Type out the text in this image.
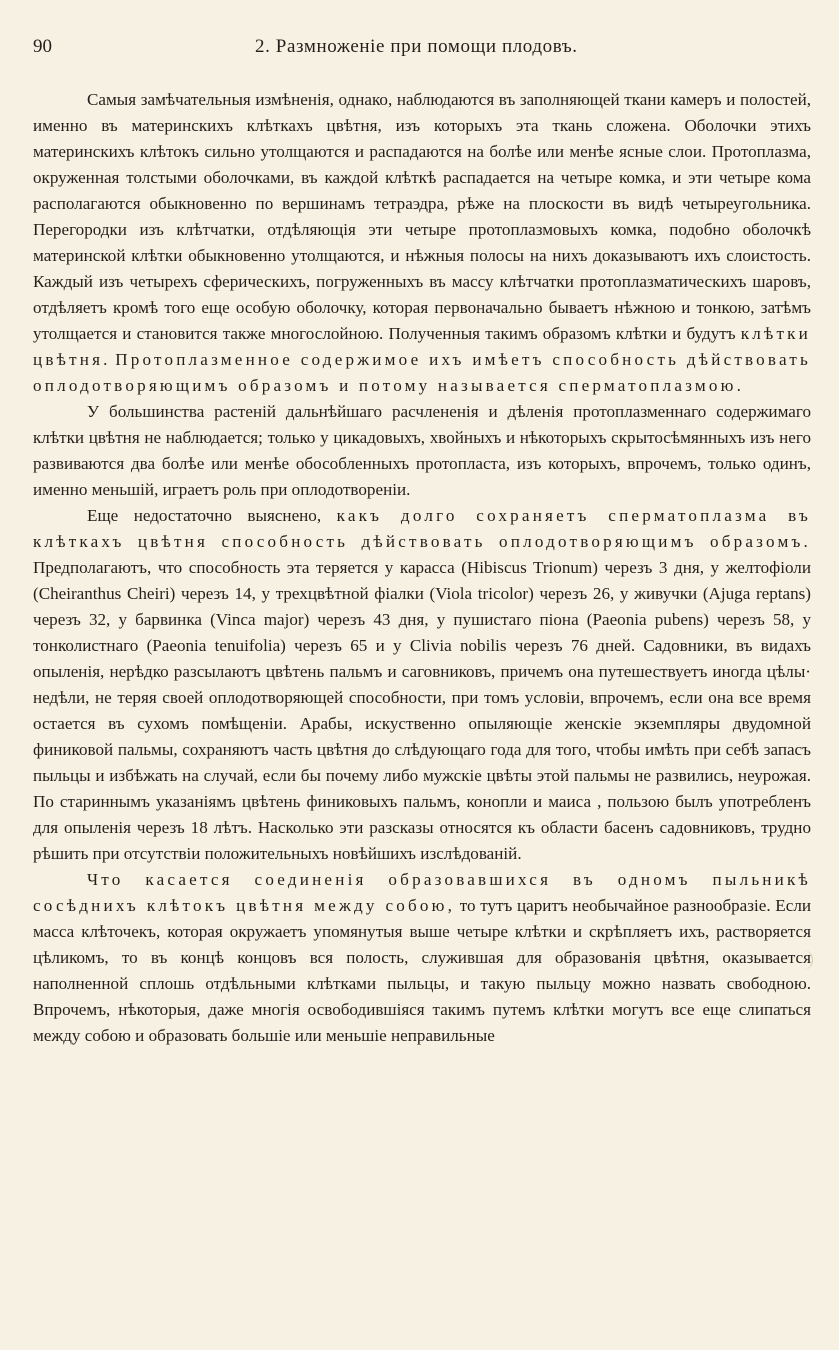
90	2. Размноженіе при помощи плодовъ.

Самыя замѣчательныя измѣненія, однако, наблюдаются въ заполняющей ткани камеръ и полостей, именно въ материнскихъ клѣткахъ цвѣтня, изъ которыхъ эта ткань сложена. Оболочки этихъ материнскихъ клѣтокъ сильно утолщаются и распадаются на болѣе или менѣе ясные слои. Протоплазма, окруженная толстыми оболочками, въ каждой клѣткѣ распадается на четыре комка, и эти четыре кома располагаются обыкновенно по вершинамъ тетраэдра, рѣже на плоскости въ видѣ четыреугольника. Перегородки изъ клѣтчатки, отдѣляющія эти четыре протоплазмовыхъ комка, подобно оболочкѣ материнской клѣтки обыкновенно утолщаются, и нѣжныя полосы на нихъ доказываютъ ихъ слоистость. Каждый изъ четырехъ сферическихъ, погруженныхъ въ массу клѣтчатки протоплазматическихъ шаровъ, отдѣляетъ кромѣ того еще особую оболочку, которая первоначально бываетъ нѣжною и тонкою, затѣмъ утолщается и становится также многослойною. Полученныя такимъ образомъ клѣтки и будутъ клѣтки цвѣтня. Протоплазменное содержимое ихъ имѣетъ способность дѣйствовать оплодотворяющимъ образомъ и потому называется сперматоплазмою.

У большинства растеній дальнѣйшаго расчлененія и дѣленія протоплазменнаго содержимаго клѣтки цвѣтня не наблюдается; только у цикадовыхъ, хвойныхъ и нѣкоторыхъ скрытосѣмянныхъ изъ него развиваются два болѣе или менѣе обособленныхъ протопласта, изъ которыхъ, впрочемъ, только одинъ, именно меньшій, играетъ роль при оплодотвореніи.

Еще недостаточно выяснено, какъ долго сохраняетъ сперматоплазма въ клѣткахъ цвѣтня способность дѣйствовать оплодотворяющимъ образомъ. Предполагаютъ, что способность эта теряется у карасса (Hibiscus Trionum) черезъ 3 дня, у желтофіоли (Cheiranthus Cheiri) черезъ 14, у трехцвѣтной фіалки (Viola tricolor) черезъ 26, у живучки (Ajuga reptans) черезъ 32, у барвинка (Vinca major) черезъ 43 дня, у пушистаго піона (Paeonia pubens) черезъ 58, у тонколистнаго (Paeonia tenuifolia) черезъ 65 и у Clivia nobilis черезъ 76 дней. Садовники, въ видахъ опыленія, нерѣдко разсылаютъ цвѣтень пальмъ и саговниковъ, причемъ она путешествуетъ иногда цѣлы· недѣли, не теряя своей оплодотворяющей способности, при томъ условіи, впрочемъ, если она все время остается въ сухомъ помѣщеніи. Арабы, искуственно опыляющіе женскіе экземпляры двудомной финиковой пальмы, сохраняютъ часть цвѣтня до слѣдующаго года для того, чтобы имѣть при себѣ запасъ пыльцы и избѣжать на случай, если бы почему либо мужскіе цвѣты этой пальмы не развились, неурожая. По стариннымъ указаніямъ цвѣтень финиковыхъ пальмъ, конопли и маиса , пользою былъ употребленъ для опыленія черезъ 18 лѣтъ. Насколько эти разсказы относятся къ области басенъ садовниковъ, трудно рѣшить при отсутствіи положительныхъ новѣйшихъ изслѣдованій.

Что касается соединенія образовавшихся въ одномъ пыльникѣ сосѣднихъ клѣтокъ цвѣтня между собою, то тутъ царитъ необычайное разнообразіе. Если масса клѣточекъ, которая окружаетъ упомянутыя выше четыре клѣтки и скрѣпляетъ ихъ, растворяется цѣликомъ, то въ концѣ концовъ вся полость, служившая для образованія цвѣтня, оказывается наполненной сплошь отдѣльными клѣтками пыльцы, и такую пыльцу можно назвать свободною. Впрочемъ, нѣкоторыя, даже многія освободившіяся такимъ путемъ клѣтки могутъ все еще слипаться между собою и образовать большіе или меньшіе неправильные
